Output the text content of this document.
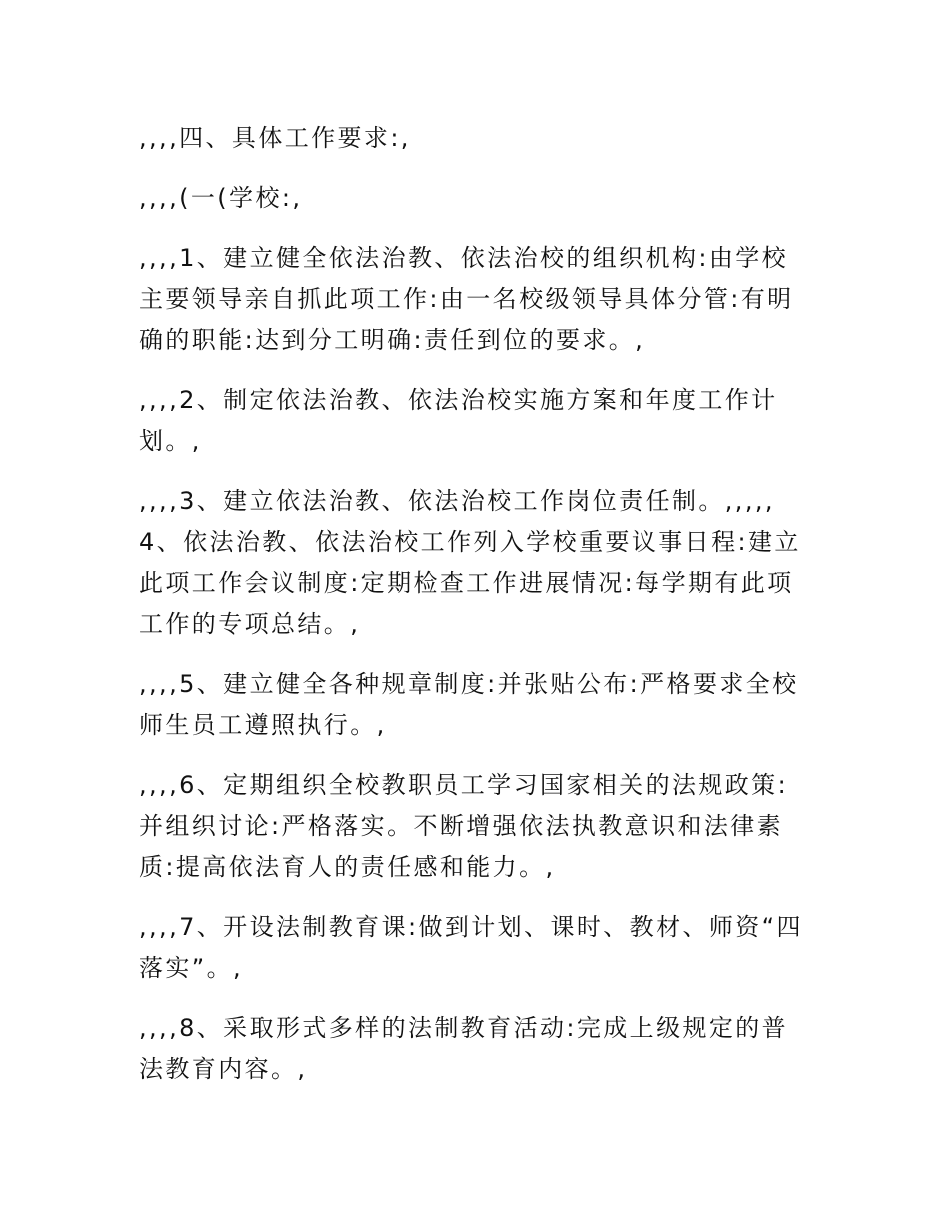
,,,,四、具体工作要求:,

,,,,(一(学校:,

,,,,1、建立健全依法治教、依法治校的组织机构:由学校主要领导亲自抓此项工作:由一名校级领导具体分管:有明确的职能:达到分工明确:责任到位的要求。,

,,,,2、制定依法治教、依法治校实施方案和年度工作计划。,

,,,,3、建立依法治教、依法治校工作岗位责任制。,,,,,4、依法治教、依法治校工作列入学校重要议事日程:建立此项工作会议制度:定期检查工作进展情况:每学期有此项工作的专项总结。,

,,,,5、建立健全各种规章制度:并张贴公布:严格要求全校师生员工遵照执行。,

,,,,6、定期组织全校教职员工学习国家相关的法规政策:并组织讨论:严格落实。不断增强依法执教意识和法律素质:提高依法育人的责任感和能力。,

,,,,7、开设法制教育课:做到计划、课时、教材、师资“四落实”。,

,,,,8、采取形式多样的法制教育活动:完成上级规定的普法教育内容。,
